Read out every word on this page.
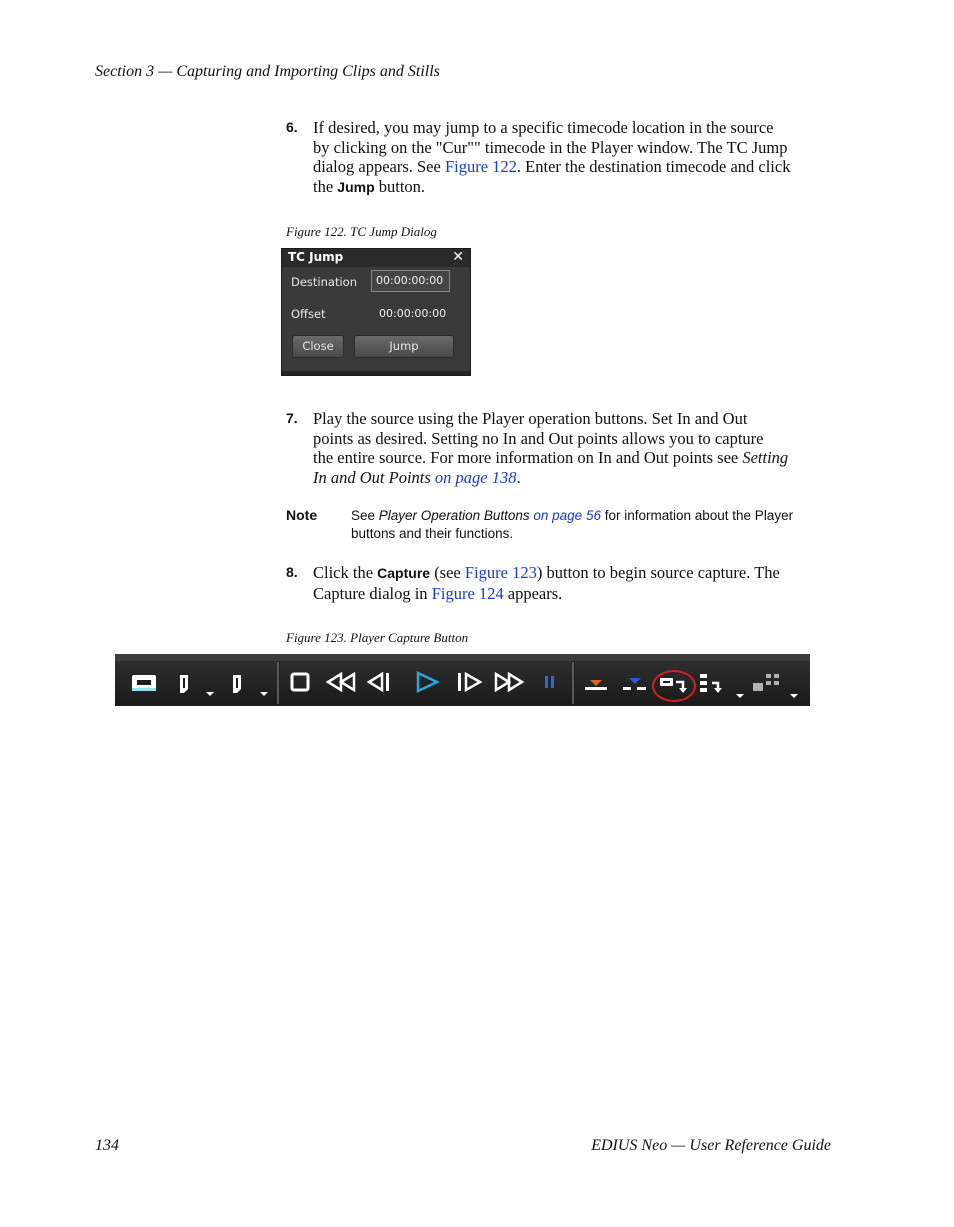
Section 3 — Capturing and Importing Clips and Stills
6. If desired, you may jump to a specific timecode location in the source
by clicking on the "Cur"" timecode in the Player window. The TC Jump
dialog appears. See Figure 122. Enter the destination timecode and click
the Jump button.
Figure 122. TC Jump Dialog
TC Jump	✕
Destination	00:00:00:00
Offset	00:00:00:00
Close	Jump
7. Play the source using the Player operation buttons. Set In and Out
points as desired. Setting no In and Out points allows you to capture
the entire source. For more information on In and Out points see Setting
In and Out Points on page 138.
Note	See Player Operation Buttons on page 56 for information about the Player
buttons and their functions.
8. Click the Capture (see Figure 123) button to begin source capture. The
Capture dialog in Figure 124 appears.
Figure 123. Player Capture Button
134	EDIUS Neo — User Reference Guide
